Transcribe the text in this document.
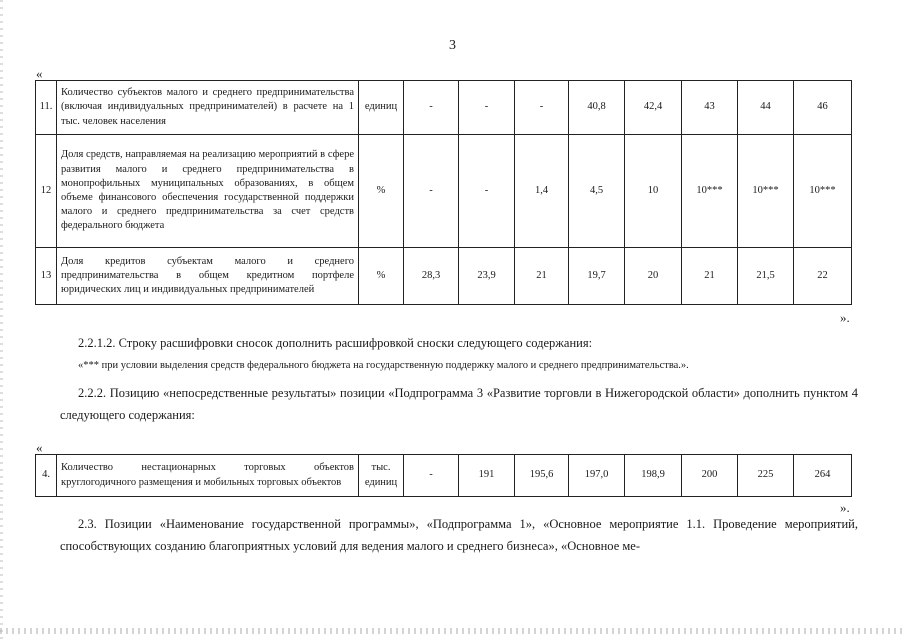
3
«
11.	Количество субъектов малого и среднего предпринимательства (включая индивидуальных предпринимателей) в расчете на 1 тыс. человек населения	единиц	-	-	-	40,8	42,4	43	44	46
12	Доля средств, направляемая на реализацию мероприятий в сфере развития малого и среднего предпринимательства в монопрофильных муниципальных образованиях, в общем объеме финансового обеспечения государственной поддержки малого и среднего предпринимательства за счет средств федерального бюджета	%	-	-	1,4	4,5	10	10***	10***	10***
13	Доля кредитов субъектам малого и среднего предпринимательства в общем кредитном портфеле юридических лиц и индивидуальных предпринимателей	%	28,3	23,9	21	19,7	20	21	21,5	22
».
2.2.1.2. Строку расшифровки сносок дополнить расшифровкой сноски следующего содержания:
«*** при условии выделения средств федерального бюджета на государственную поддержку малого и среднего предпринимательства.».
2.2.2. Позицию «непосредственные результаты» позиции «Подпрограмма 3 «Развитие торговли в Нижегородской области» дополнить пунктом 4 следующего содержания:
«
4.	Количество нестационарных торговых объектов круглогодичного размещения и мобильных торговых объектов	тыс. единиц	-	191	195,6	197,0	198,9	200	225	264
».
2.3. Позиции «Наименование государственной программы», «Подпрограмма 1», «Основное мероприятие 1.1. Проведение мероприятий, способствующих созданию благоприятных условий для ведения малого и среднего бизнеса», «Основное ме-
